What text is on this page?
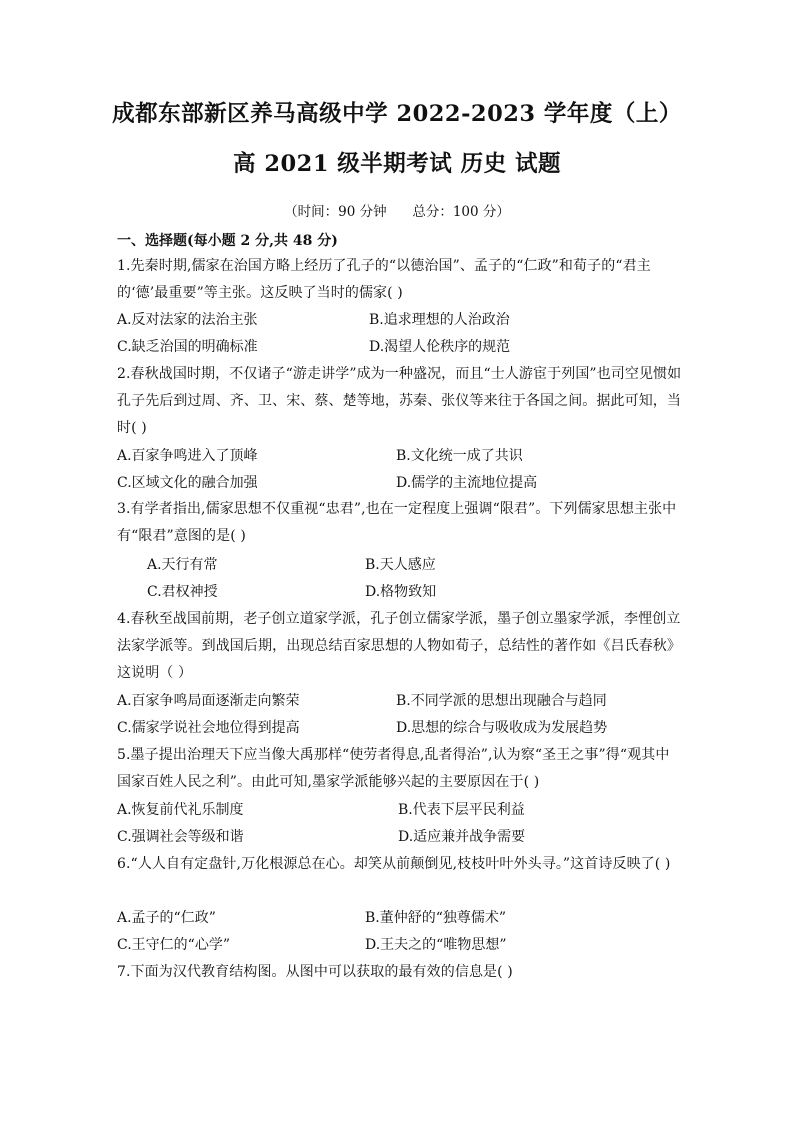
成都东部新区养马高级中学 2022-2023 学年度（上）
高 2021 级半期考试 历史 试题
（时间：90 分钟      总分：100 分）
一、选择题(每小题 2 分,共 48 分)
1.先秦时期,儒家在治国方略上经历了孔子的“以德治国”、孟子的“仁政”和荀子的“君主的‘德’最重要”等主张。这反映了当时的儒家( )
A.反对法家的法治主张	B.追求理想的人治政治
C.缺乏治国的明确标准	D.渴望人伦秩序的规范
2.春秋战国时期，不仅诸子“游走讲学”成为一种盛况，而且“士人游宦于列国”也司空见惯如孔子先后到过周、齐、卫、宋、蔡、楚等地，苏秦、张仪等来往于各国之间。据此可知，当时( )
A.百家争鸣进入了顶峰	B.文化统一成了共识
C.区域文化的融合加强	D.儒学的主流地位提高
3.有学者指出,儒家思想不仅重视“忠君”,也在一定程度上强调“限君”。下列儒家思想主张中有“限君”意图的是( )
A.天行有常	B.天人感应
C.君权神授	D.格物致知
4.春秋至战国前期，老子创立道家学派，孔子创立儒家学派，墨子创立墨家学派，李悝创立法家学派等。到战国后期，出现总结百家思想的人物如荀子，总结性的著作如《吕氏春秋》这说明（ ）
A.百家争鸣局面逐渐走向繁荣	B.不同学派的思想出现融合与趋同
C.儒家学说社会地位得到提高	D.思想的综合与吸收成为发展趋势
5.墨子提出治理天下应当像大禹那样“使劳者得息,乱者得治”,认为察“圣王之事”得“观其中国家百姓人民之利”。由此可知,墨家学派能够兴起的主要原因在于( )
A.恢复前代礼乐制度	B.代表下层平民利益
C.强调社会等级和谐	D.适应兼并战争需要
6.“人人自有定盘针,万化根源总在心。却笑从前颠倒见,枝枝叶叶外头寻。”这首诗反映了( )
A.孟子的“仁政”	B.董仲舒的“独尊儒术”
C.王守仁的“心学”	D.王夫之的“唯物思想”
7.下面为汉代教育结构图。从图中可以获取的最有效的信息是( )
